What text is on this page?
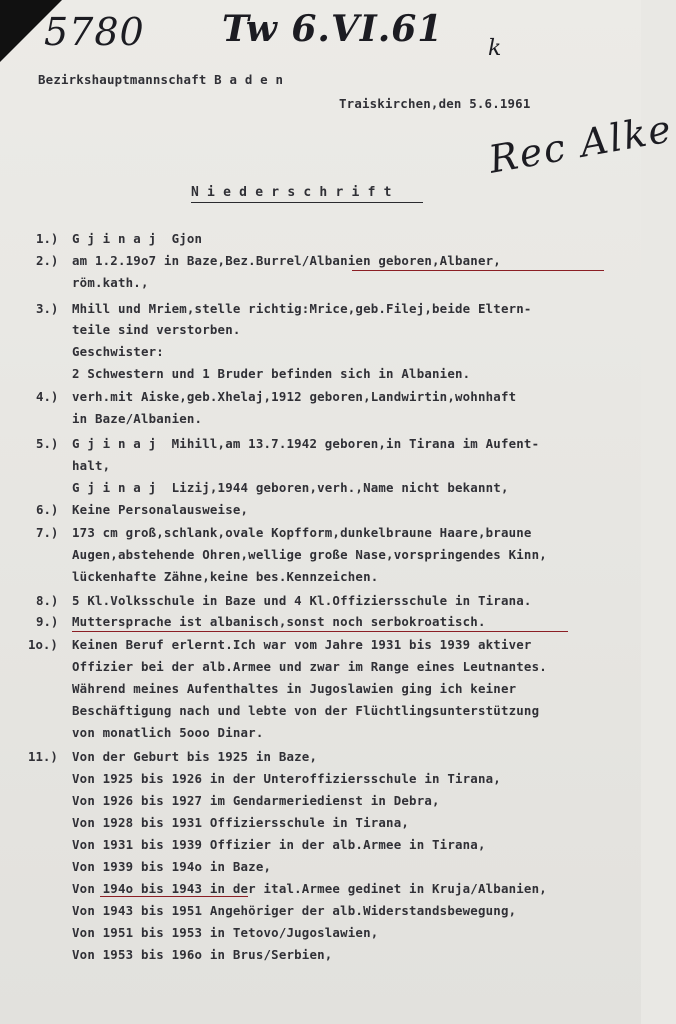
5780 Tw 6.VI.61 k
Rec Alke
Bezirkshauptmannschaft B a d e n
Traiskirchen,den 5.6.1961
N i e d e r s c h r i f t
1.) G j i n a j  Gjon
2.) am 1.2.19o7 in Baze,Bez.Burrel/Albanien geboren,Albaner,
röm.kath.,
3.) Mhill und Mriem,stelle richtig:Mrice,geb.Filej,beide Eltern-
teile sind verstorben.
Geschwister:
2 Schwestern und 1 Bruder befinden sich in Albanien.
4.) verh.mit Aiske,geb.Xhelaj,1912 geboren,Landwirtin,wohnhaft
in Baze/Albanien.
5.) G j i n a j  Mihill,am 13.7.1942 geboren,in Tirana im Aufent-
halt,
G j i n a j  Lizij,1944 geboren,verh.,Name nicht bekannt,
6.) Keine Personalausweise,
7.) 173 cm groß,schlank,ovale Kopfform,dunkelbraune Haare,braune
Augen,abstehende Ohren,wellige große Nase,vorspringendes Kinn,
lückenhafte Zähne,keine bes.Kennzeichen.
8.) 5 Kl.Volksschule in Baze und 4 Kl.Offiziersschule in Tirana.
9.) Muttersprache ist albanisch,sonst noch serbokroatisch.
1o.) Keinen Beruf erlernt.Ich war vom Jahre 1931 bis 1939 aktiver
Offizier bei der alb.Armee und zwar im Range eines Leutnantes.
Während meines Aufenthaltes in Jugoslawien ging ich keiner
Beschäftigung nach und lebte von der Flüchtlingsunterstützung
von monatlich 5ooo Dinar.
11.) Von der Geburt bis 1925 in Baze,
Von 1925 bis 1926 in der Unteroffiziersschule in Tirana,
Von 1926 bis 1927 im Gendarmeriedienst in Debra,
Von 1928 bis 1931 Offiziersschule in Tirana,
Von 1931 bis 1939 Offizier in der alb.Armee in Tirana,
Von 1939 bis 194o in Baze,
Von 194o bis 1943 in der ital.Armee gedinet in Kruja/Albanien,
Von 1943 bis 1951 Angehöriger der alb.Widerstandsbewegung,
Von 1951 bis 1953 in Tetovo/Jugoslawien,
Von 1953 bis 196o in Brus/Serbien,
